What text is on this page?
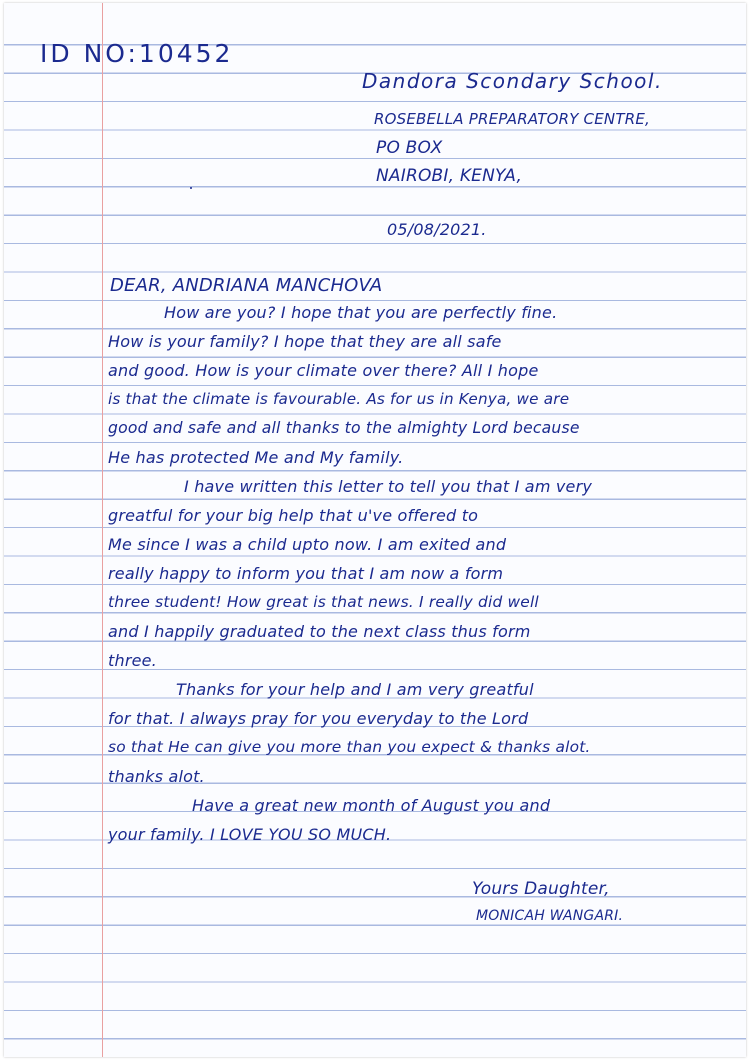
ID NO:10452
Dandora Scondary School.
ROSEBELLA PREPARATORY CENTRE,
PO BOX
NAIROBI, KENYA,
05/08/2021.
DEAR, ANDRIANA MANCHOVA
How are you? I hope that you are perfectly fine.
How is your family? I hope that they are all safe
and good. How is your climate over there? All I hope
is that the climate is favourable. As for us in Kenya, we are
good and safe and all thanks to the almighty Lord because
He has protected Me and My family.
I have written this letter to tell you that I am very
greatful for your big help that u've offered to
Me since I was a child upto now. I am exited and
really happy to inform you that I am now a form
three student! How great is that news. I really did well
and I happily graduated to the next class thus form
three.
Thanks for your help and I am very greatful
for that. I always pray for you everyday to the Lord
so that He can give you more than you expect & thanks alot.
thanks alot.
Have a great new month of August you and
your family. I LOVE YOU SO MUCH.
Yours Daughter,
MONICAH WANGARI.
